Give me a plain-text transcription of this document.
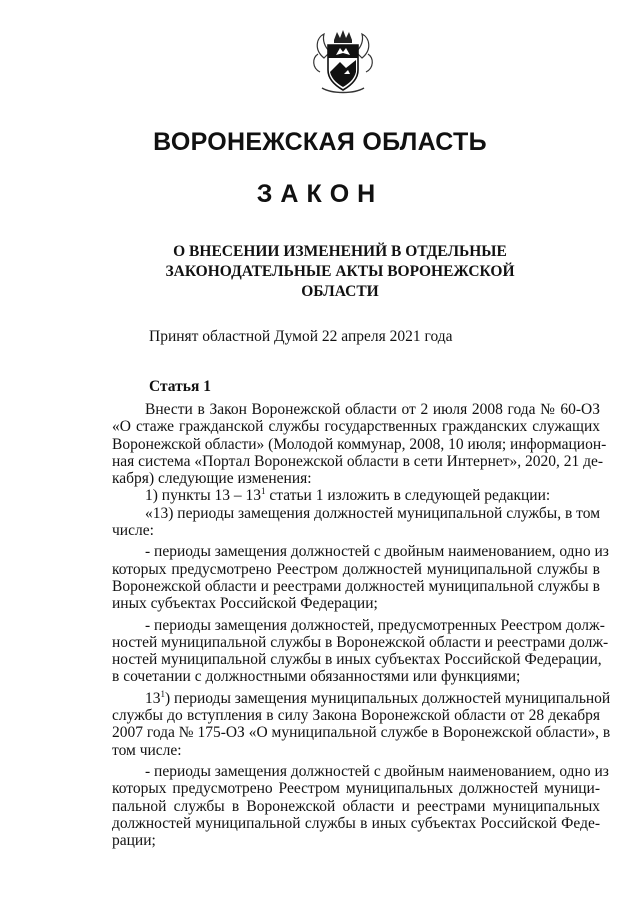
ВОРОНЕЖСКАЯ ОБЛАСТЬ
ЗАКОН
О ВНЕСЕНИИ ИЗМЕНЕНИЙ В ОТДЕЛЬНЫЕ
ЗАКОНОДАТЕЛЬНЫЕ АКТЫ ВОРОНЕЖСКОЙ
ОБЛАСТИ
Принят областной Думой 22 апреля 2021 года
Статья 1
Внести в Закон Воронежской области от 2 июля 2008 года № 60-ОЗ
«О стаже гражданской службы государственных гражданских служащих
Воронежской области» (Молодой коммунар, 2008, 10 июля; информацион-
ная система «Портал Воронежской области в сети Интернет», 2020, 21 де-
кабря) следующие изменения:
1) пункты $13 - 13^1$ статьи 1 изложить в следующей редакции:
«13) периоды замещения должностей муниципальной службы, в том
числе:
- периоды замещения должностей с двойным наименованием, одно из
которых предусмотрено Реестром должностей муниципальной службы в
Воронежской области и реестрами должностей муниципальной службы в
иных субъектах Российской Федерации;
- периоды замещения должностей, предусмотренных Реестром долж-
ностей муниципальной службы в Воронежской области и реестрами долж-
ностей муниципальной службы в иных субъектах Российской Федерации,
в сочетании с должностными обязанностями или функциями;
$13^1$) периоды замещения муниципальных должностей муниципальной
службы до вступления в силу Закона Воронежской области от 28 декабря
2007 года № 175-ОЗ «О муниципальной службе в Воронежской области», в
том числе:
- периоды замещения должностей с двойным наименованием, одно из
которых предусмотрено Реестром муниципальных должностей муници-
пальной службы в Воронежской области и реестрами муниципальных
должностей муниципальной службы в иных субъектах Российской Феде-
рации;
